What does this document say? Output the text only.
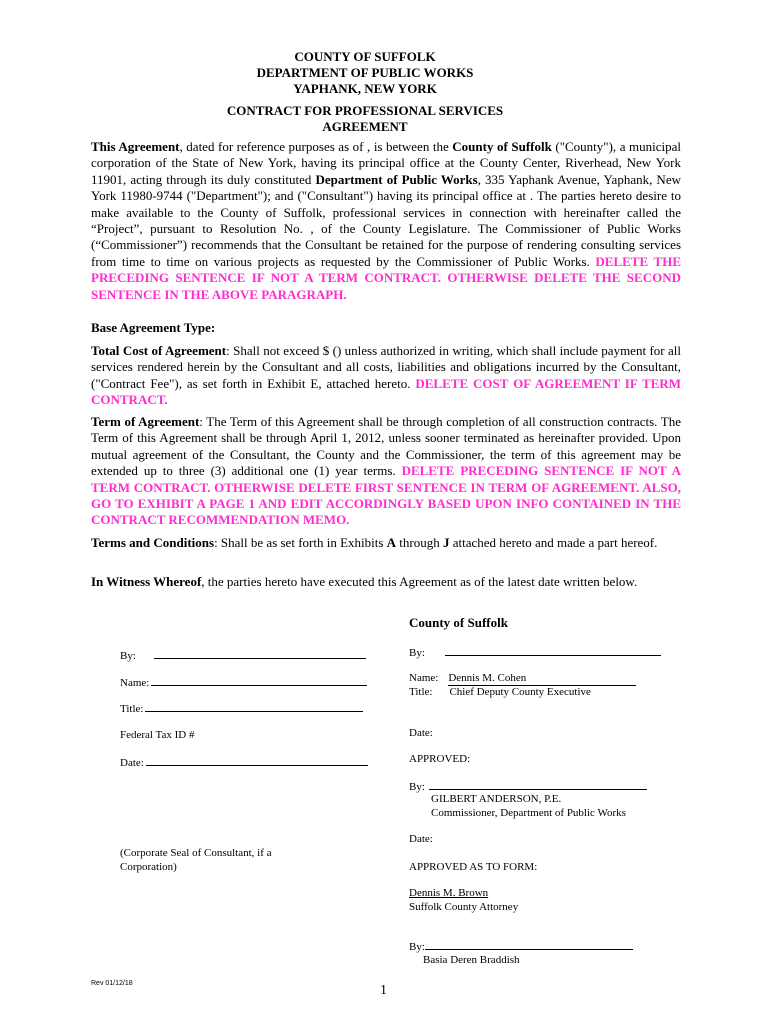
COUNTY OF SUFFOLK
DEPARTMENT OF PUBLIC WORKS
YAPHANK, NEW YORK
CONTRACT FOR PROFESSIONAL SERVICES
AGREEMENT
This Agreement, dated for reference purposes as of , is between the County of Suffolk ("County"), a municipal corporation of the State of New York, having its principal office at the County Center, Riverhead, New York 11901, acting through its duly constituted Department of Public Works, 335 Yaphank Avenue, Yaphank, New York 11980-9744 ("Department"); and ("Consultant") having its principal office at . The parties hereto desire to make available to the County of Suffolk, professional services in connection with hereinafter called the “Project”, pursuant to Resolution No. , of the County Legislature. The Commissioner of Public Works (“Commissioner”) recommends that the Consultant be retained for the purpose of rendering consulting services from time to time on various projects as requested by the Commissioner of Public Works. DELETE THE PRECEDING SENTENCE IF NOT A TERM CONTRACT. OTHERWISE DELETE THE SECOND SENTENCE IN THE ABOVE PARAGRAPH.
Base Agreement Type:
Total Cost of Agreement: Shall not exceed $ () unless authorized in writing, which shall include payment for all services rendered herein by the Consultant and all costs, liabilities and obligations incurred by the Consultant, ("Contract Fee"), as set forth in Exhibit E, attached hereto. DELETE COST OF AGREEMENT IF TERM CONTRACT.
Term of Agreement: The Term of this Agreement shall be through completion of all construction contracts. The Term of this Agreement shall be through April 1, 2012, unless sooner terminated as hereinafter provided. Upon mutual agreement of the Consultant, the County and the Commissioner, the term of this agreement may be extended up to three (3) additional one (1) year terms. DELETE PRECEDING SENTENCE IF NOT A TERM CONTRACT. OTHERWISE DELETE FIRST SENTENCE IN TERM OF AGREEMENT. ALSO, GO TO EXHIBIT A PAGE 1 AND EDIT ACCORDINGLY BASED UPON INFO CONTAINED IN THE CONTRACT RECOMMENDATION MEMO.
Terms and Conditions: Shall be as set forth in Exhibits A through J attached hereto and made a part hereof.
In Witness Whereof, the parties hereto have executed this Agreement as of the latest date written below.
By:
Name:
Title:
Federal Tax ID #
Date:
(Corporate Seal of Consultant, if a
Corporation)
County of Suffolk
By:
Name: Dennis M. Cohen
Title: Chief Deputy County Executive
Date:
APPROVED:
By:
GILBERT ANDERSON, P.E.
Commissioner, Department of Public Works
Date:
APPROVED AS TO FORM:
Dennis M. Brown
Suffolk County Attorney
By:
Basia Deren Braddish
Rev 01/12/18	1
